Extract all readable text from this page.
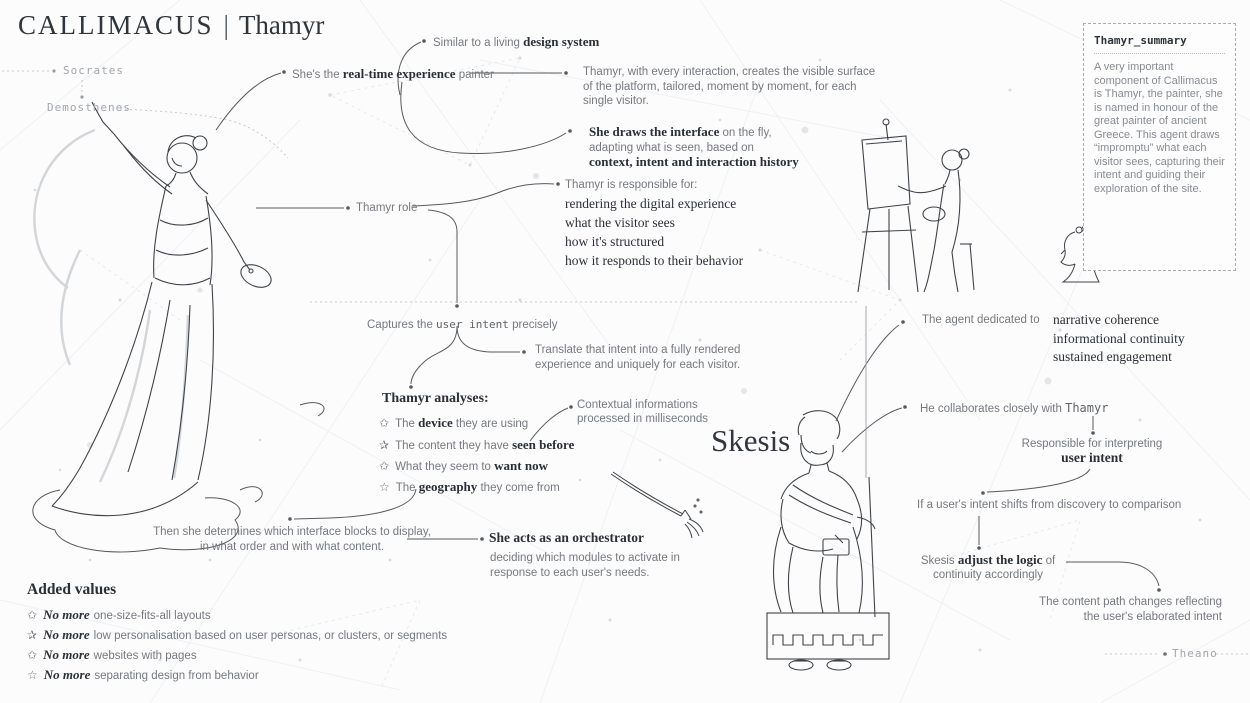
CALLIMACUS | Thamyr
Socrates
Demosthenes
Theano
Similar to a living design system
She's the real-time experience painter	Thamyr, with every interaction, creates the visible surface of the platform, tailored, moment by moment, for each single visitor.
She draws the interface on the fly,
adapting what is seen, based on
context, intent and interaction history
Thamyr role
Thamyr is responsible for:
rendering the digital experience
what the visitor sees
how it's structured
how it responds to their behavior
Captures the user intent precisely
Translate that intent into a fully rendered experience and uniquely for each visitor.
Thamyr analyses:
✩ The device they are using
✰ The content they have seen before
✩ What they seem to want now
☆ The geography they come from
Contextual informations processed in milliseconds
Then she determines which interface blocks to display, in what order and with what content.
She acts as an orchestrator
deciding which modules to activate in response to each user's needs.
Added values
✩ No more one-size-fits-all layouts
✰ No more low personalisation based on user personas, or clusters, or segments
✩ No more websites with pages
☆ No more separating design from behavior
Thamyr_summary
A very important component of Callimacus is Thamyr, the painter, she is named in honour of the great painter of ancient Greece. This agent draws “impromptu” what each visitor sees, capturing their intent and guiding their exploration of the site.
Skesis
The agent dedicated to narrative coherence
informational continuity
sustained engagement
He collaborates closely with Thamyr
Responsible for interpreting
user intent
If a user's intent shifts from discovery to comparison
Skesis adjust the logic of
continuity accordingly
The content path changes reflecting
the user's elaborated intent
